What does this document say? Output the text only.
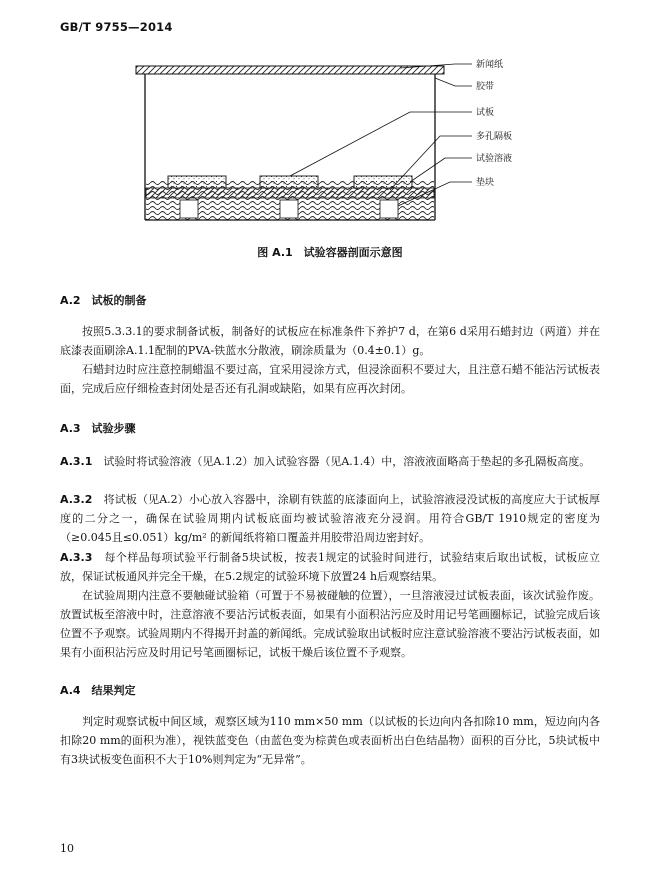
GB/T 9755—2014
新闻纸
胶带
试板
多孔隔板
试验溶液
垫块
图 A.1　试验容器剖面示意图
A.2　试板的制备
按照5.3.3.1的要求制备试板，制备好的试板应在标准条件下养护7 d，在第6 d采用石蜡封边（两道）并在底漆表面刷涂A.1.1配制的PVA-铁蓝水分散液，刷涂质量为（0.4±0.1）g。
石蜡封边时应注意控制蜡温不要过高，宜采用浸涂方式，但浸涂面积不要过大，且注意石蜡不能沾污试板表面，完成后应仔细检查封闭处是否还有孔洞或缺陷，如果有应再次封闭。
A.3　试验步骤
A.3.1　 试验时将试验溶液（见A.1.2）加入试验容器（见A.1.4）中，溶液液面略高于垫起的多孔隔板高度。
A.3.2　 将试板（见A.2）小心放入容器中，涂刷有铁蓝的底漆面向上，试验溶液浸没试板的高度应大于试板厚度的二分之一，确保在试验周期内试板底面均被试验溶液充分浸润。用符合GB/T 1910规定的密度为（≥0.045且≤0.051）kg/m² 的新闻纸将箱口覆盖并用胶带沿周边密封好。
A.3.3　 每个样品每项试验平行制备5块试板，按表1规定的试验时间进行，试验结束后取出试板，试板应立放，保证试板通风并完全干燥，在5.2规定的试验环境下放置24 h后观察结果。
在试验周期内注意不要触碰试验箱（可置于不易被碰触的位置），一旦溶液浸过试板表面，该次试验作废。放置试板至溶液中时，注意溶液不要沾污试板表面，如果有小面积沾污应及时用记号笔画圈标记，试验完成后该位置不予观察。试验周期内不得揭开封盖的新闻纸。完成试验取出试板时应注意试验溶液不要沾污试板表面，如果有小面积沾污应及时用记号笔画圈标记，试板干燥后该位置不予观察。
A.4　结果判定
判定时观察试板中间区域，观察区域为110 mm×50 mm（以试板的长边向内各扣除10 mm，短边向内各扣除20 mm的面积为准），视铁蓝变色（由蓝色变为棕黄色或表面析出白色结晶物）面积的百分比，5块试板中有3块试板变色面积不大于10%则判定为“无异常”。
10
